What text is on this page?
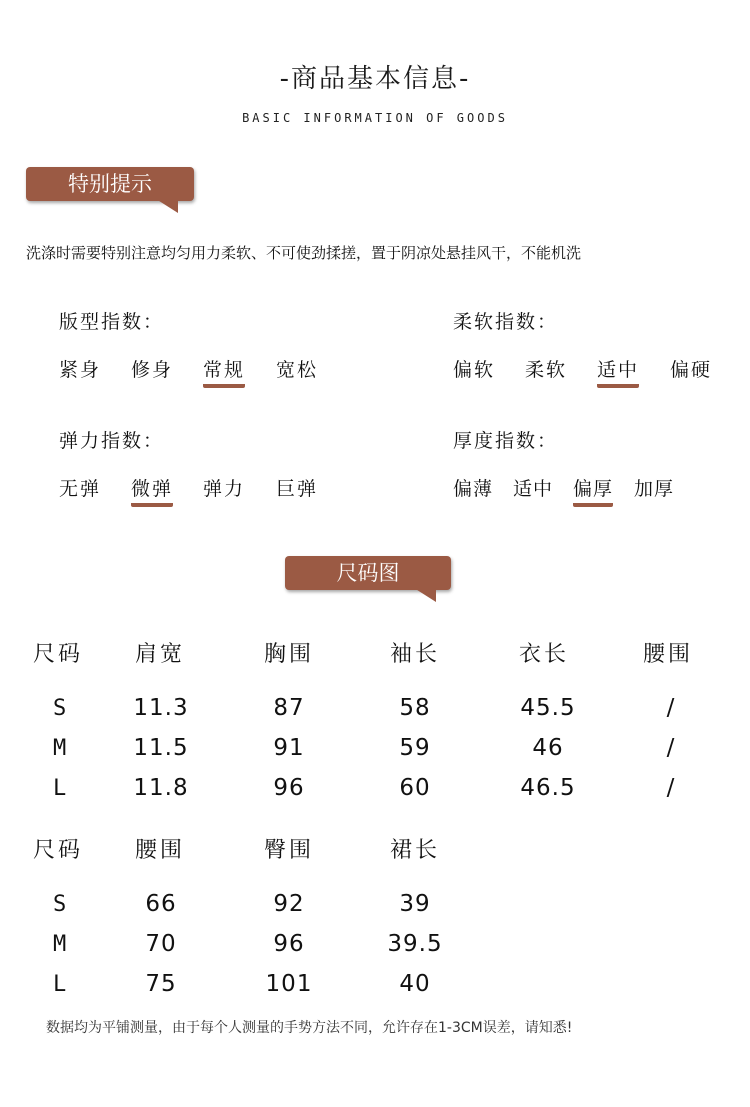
-商品基本信息-
BASIC INFORMATION OF GOODS
特别提示
洗涤时需要特别注意均匀用力柔软、不可使劲揉搓，置于阴凉处悬挂风干，不能机洗
版型指数：
紧身 修身 常规 宽松
柔软指数：
偏软 柔软 适中 偏硬
弹力指数：
无弹 微弹 弹力 巨弹
厚度指数：
偏薄 适中 偏厚 加厚
尺码图
尺码 肩宽	胸围	袖长	衣长	腰围
S	11.3	87	58	45.5	/
M	11.5	91	59	46	/
L	11.8	96	60	46.5	/
尺码 腰围	臀围	裙长
S	66	92	39
M	70	96	39.5
L	75	101	40
数据均为平铺测量，由于每个人测量的手势方法不同，允许存在1-3CM误差，请知悉!
